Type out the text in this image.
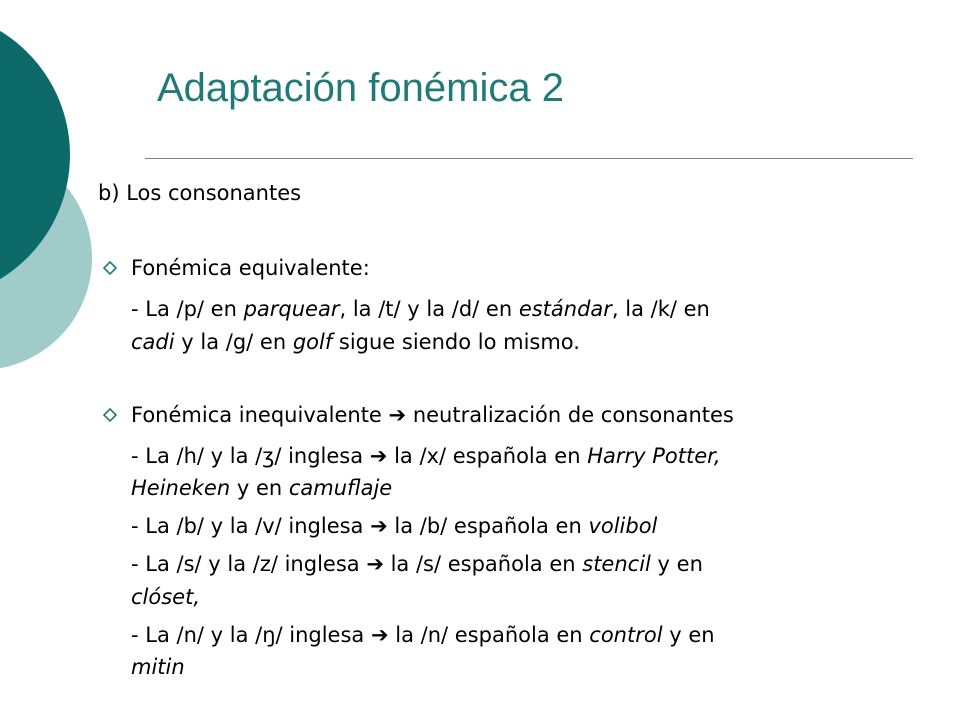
Adaptación fonémica 2
b) Los consonantes
Fonémica equivalente:
- La /p/ en parquear, la /t/ y la /d/ en estándar, la /k/ en
cadi y la /g/ en golf sigue siendo lo mismo.
Fonémica inequivalente ➔ neutralización de consonantes
- La /h/ y la /ʒ/ inglesa ➔ la /x/ española en Harry Potter,
Heineken y en camuflaje
- La /b/ y la /v/ inglesa ➔ la /b/ española en volibol
- La /s/ y la /z/ inglesa ➔ la /s/ española en stencil y en
clóset,
- La /n/ y la /ŋ/ inglesa ➔ la /n/ española en control y en
mitin
